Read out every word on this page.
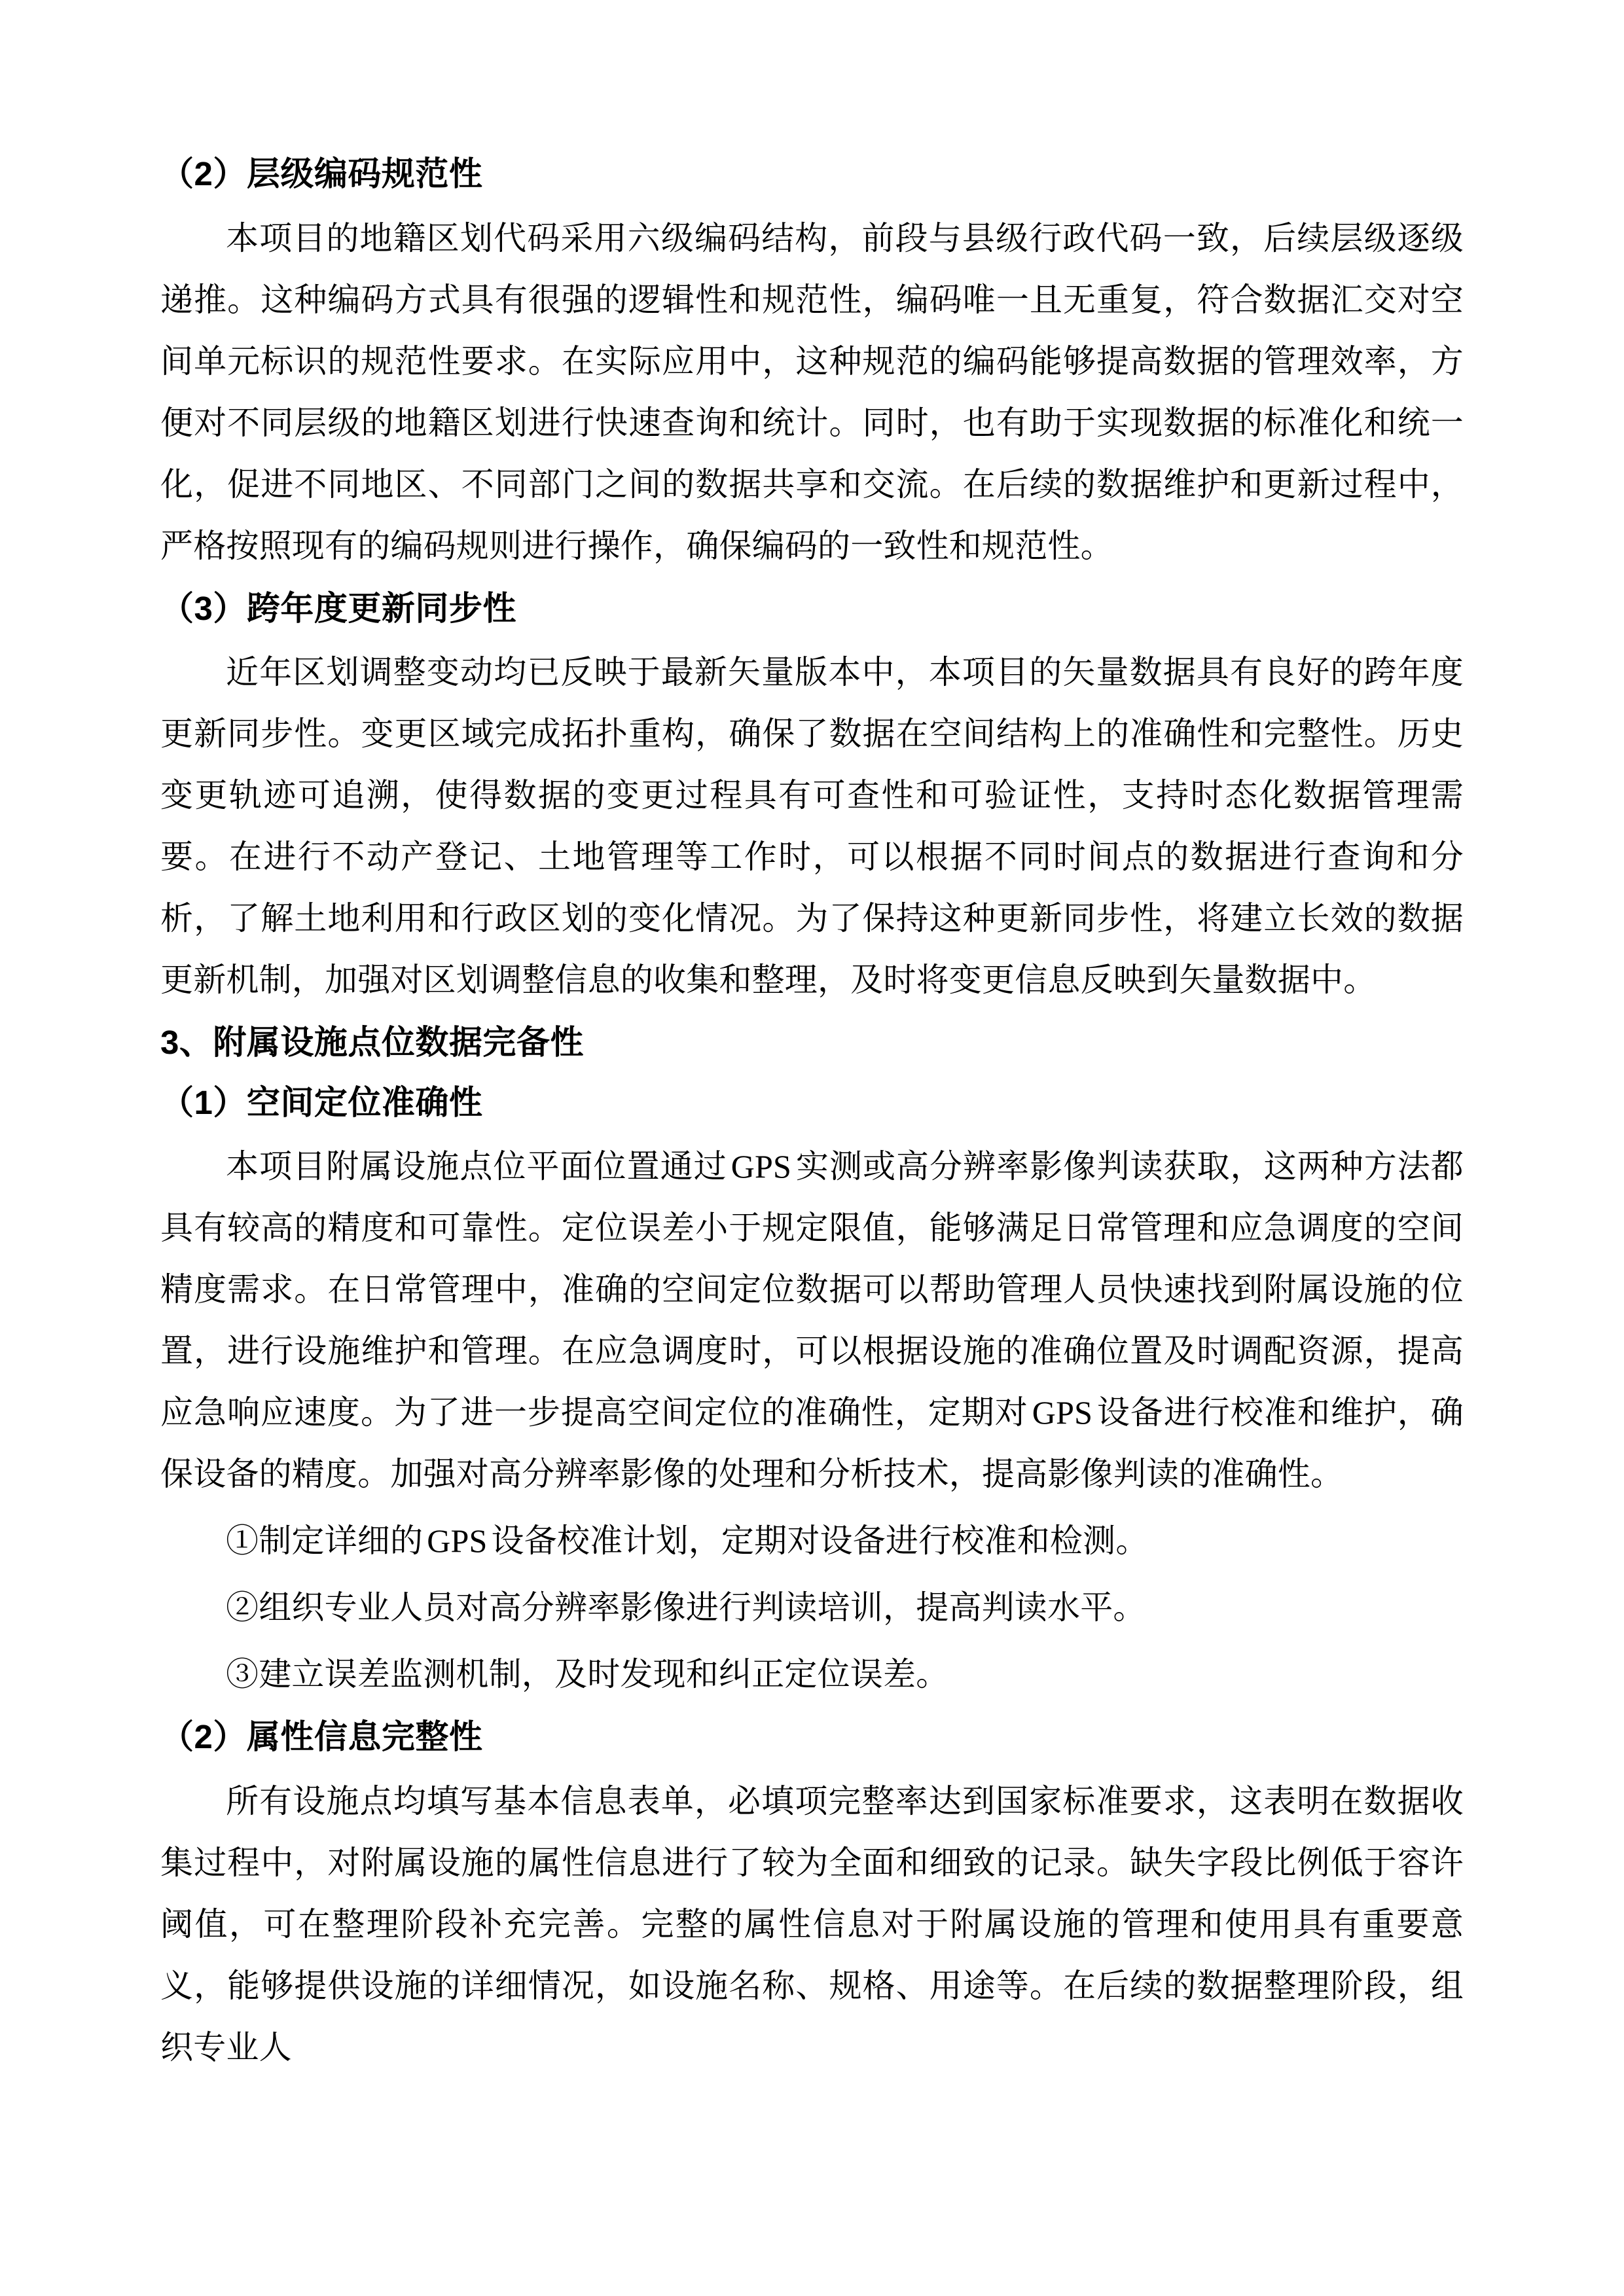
（2）层级编码规范性

本项目的地籍区划代码采用六级编码结构，前段与县级行政代码一致，后续层级逐级递推。这种编码方式具有很强的逻辑性和规范性，编码唯一且无重复，符合数据汇交对空间单元标识的规范性要求。在实际应用中，这种规范的编码能够提高数据的管理效率，方便对不同层级的地籍区划进行快速查询和统计。同时，也有助于实现数据的标准化和统一化，促进不同地区、不同部门之间的数据共享和交流。在后续的数据维护和更新过程中，严格按照现有的编码规则进行操作，确保编码的一致性和规范性。

（3）跨年度更新同步性

近年区划调整变动均已反映于最新矢量版本中，本项目的矢量数据具有良好的跨年度更新同步性。变更区域完成拓扑重构，确保了数据在空间结构上的准确性和完整性。历史变更轨迹可追溯，使得数据的变更过程具有可查性和可验证性，支持时态化数据管理需要。在进行不动产登记、土地管理等工作时，可以根据不同时间点的数据进行查询和分析，了解土地利用和行政区划的变化情况。为了保持这种更新同步性，将建立长效的数据更新机制，加强对区划调整信息的收集和整理，及时将变更信息反映到矢量数据中。

3、附属设施点位数据完备性
（1）空间定位准确性

本项目附属设施点位平面位置通过 GPS 实测或高分辨率影像判读获取，这两种方法都具有较高的精度和可靠性。定位误差小于规定限值，能够满足日常管理和应急调度的空间精度需求。在日常管理中，准确的空间定位数据可以帮助管理人员快速找到附属设施的位置，进行设施维护和管理。在应急调度时，可以根据设施的准确位置及时调配资源，提高应急响应速度。为了进一步提高空间定位的准确性，定期对 GPS 设备进行校准和维护，确保设备的精度。加强对高分辨率影像的处理和分析技术，提高影像判读的准确性。

①制定详细的 GPS 设备校准计划，定期对设备进行校准和检测。

②组织专业人员对高分辨率影像进行判读培训，提高判读水平。

③建立误差监测机制，及时发现和纠正定位误差。

（2）属性信息完整性

所有设施点均填写基本信息表单，必填项完整率达到国家标准要求，这表明在数据收集过程中，对附属设施的属性信息进行了较为全面和细致的记录。缺失字段比例低于容许阈值，可在整理阶段补充完善。完整的属性信息对于附属设施的管理和使用具有重要意义，能够提供设施的详细情况，如设施名称、规格、用途等。在后续的数据整理阶段，组织专业人
